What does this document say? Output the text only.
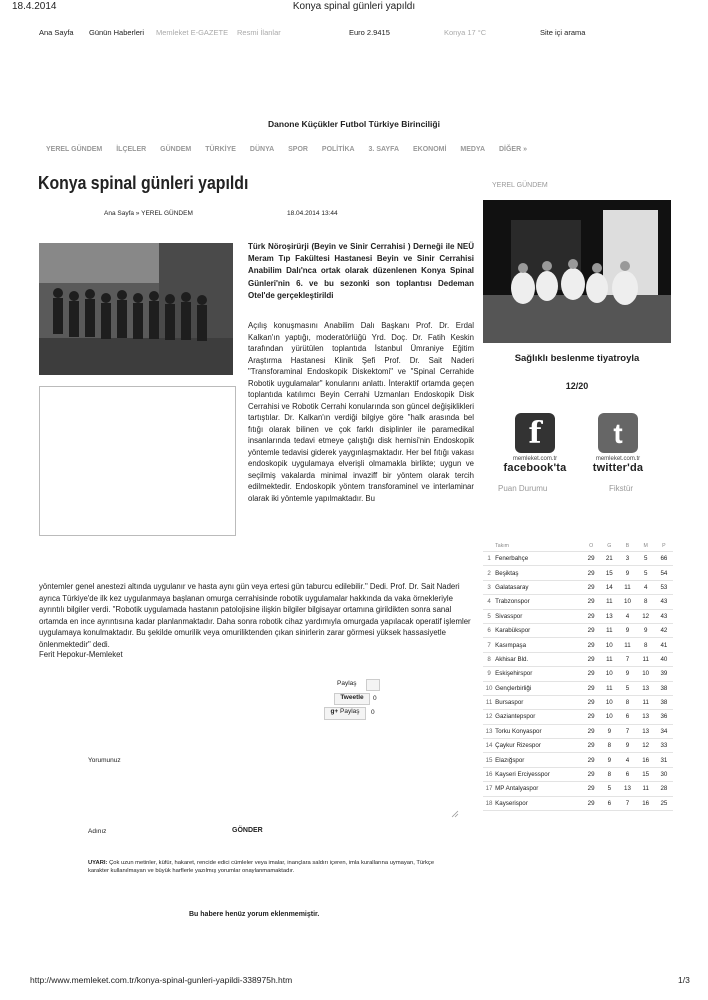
18.4.2014	Konya spinal günleri yapıldı
Ana Sayfa Günün Haberleri Memleket E-GAZETE Resmi İlanlar	Euro 2.9415	Konya 17 °C	Site içi arama
Danone Küçükler Futbol Türkiye Birinciliği
YEREL GÜNDEM İLÇELER GÜNDEM TÜRKİYE DÜNYA SPOR POLİTİKA 3. SAYFA EKONOMİ MEDYA DİĞER »
Konya spinal günleri yapıldı
Ana Sayfa » YEREL GÜNDEM	18.04.2014 13:44
Türk Nöroşirürji (Beyin ve Sinir Cerrahisi ) Derneği ile NEÜ Meram Tıp Fakültesi Hastanesi Beyin ve Sinir Cerrahisi Anabilim Dalı'nca ortak olarak düzenlenen Konya Spinal Günleri'nin 6. ve bu sezonki son toplantısı Dedeman Otel'de gerçekleştirildi
Açılış konuşmasını Anabilim Dalı Başkanı Prof. Dr. Erdal Kalkan'ın yaptığı, moderatörlüğü Yrd. Doç. Dr. Fatih Keskin tarafından yürütülen toplantıda İstanbul Ümraniye Eğitim Araştırma Hastanesi Klinik Şefi Prof. Dr. Sait Naderi "Transforaminal Endoskopik Diskektomi" ve "Spinal Cerrahide Robotik uygulamalar" konularını anlattı. İnteraktif ortamda geçen toplantıda katılımcı Beyin Cerrahi Uzmanları Endoskopik Disk Cerrahisi ve Robotik Cerrahi konularında son güncel değişiklikleri tartıştılar. Dr. Kalkan'ın verdiği bilgiye göre "halk arasında bel fıtığı olarak bilinen ve çok farklı disiplinler ile paramedikal insanlarında tedavi etmeye çalıştığı disk hernisi'nin Endoskopik yöntemle tedavisi giderek yaygınlaşmaktadır. Her bel fıtığı vakası endoskopik uygulamaya elverişli olmamakla birlikte; uygun ve seçilmiş vakalarda minimal invaziff bir yöntem olarak tercih edilmektedir. Endoskopik yöntem transforaminel ve interlaminar olarak iki yöntemle yapılmaktadır. Bu
yöntemler genel anestezi altında uygulanır ve hasta aynı gün veya ertesi gün taburcu edilebilir." Dedi. Prof. Dr. Sait Naderi ayrıca Türkiye'de ilk kez uygulanmaya başlanan omurga cerrahisinde robotik uygulamalar hakkında da vaka örnekleriyle ayrıntılı bilgiler verdi. "Robotik uygulamada hastanın patolojisine ilişkin bilgiler bilgisayar ortamına girildikten sonra sanal ortamda en ince ayrıntısına kadar planlanmaktadır. Daha sonra robotik cihaz yardımıyla omurgada yapılacak operatif işlemler uygulamaya konulmaktadır. Bu şekilde omurilik veya omuriliktenden çıkan sinirlerin zarar görmesi yüksek hassasiyetle önlenmektedir" dedi.
Ferit Hepokur-Memleket
Paylaş
Tweetle	0
g+ Paylaş	0
Yorumunuz
Adınız	GÖNDER
UYARI: Çok uzun metinler, küfür, hakaret, rencide edici cümleler veya imalar, inançlara saldırı içeren, imla kurallarına uymayan, Türkçe karakter kullanılmayan ve büyük harflerle yazılmış yorumlar onaylanmamaktadır.
Bu habere henüz yorum eklenmemiştir.
YEREL GÜNDEM
Sağlıklı beslenme tiyatroyla
12/20
f
memleket.com.tr
facebook'ta
t
memleket.com.tr
twitter'da
Puan Durumu	Fikstür
	Takım	O	G	B	M	P
1	Fenerbahçe	29	21	3	5	66
2	Beşiktaş	29	15	9	5	54
3	Galatasaray	29	14	11	4	53
4	Trabzonspor	29	11	10	8	43
5	Sivasspor	29	13	4	12	43
6	Karabükspor	29	11	9	9	42
7	Kasımpaşa	29	10	11	8	41
8	Akhisar Bld.	29	11	7	11	40
9	Eskişehirspor	29	10	9	10	39
10	Gençlerbirliği	29	11	5	13	38
11	Bursaspor	29	10	8	11	38
12	Gaziantepspor	29	10	6	13	36
13	Torku Konyaspor	29	9	7	13	34
14	Çaykur Rizespor	29	8	9	12	33
15	Elazığspor	29	9	4	16	31
16	Kayseri Erciyesspor	29	8	6	15	30
17	MP Antalyaspor	29	5	13	11	28
18	Kayserispor	29	6	7	16	25
http://www.memleket.com.tr/konya-spinal-gunleri-yapildi-338975h.htm	1/3
